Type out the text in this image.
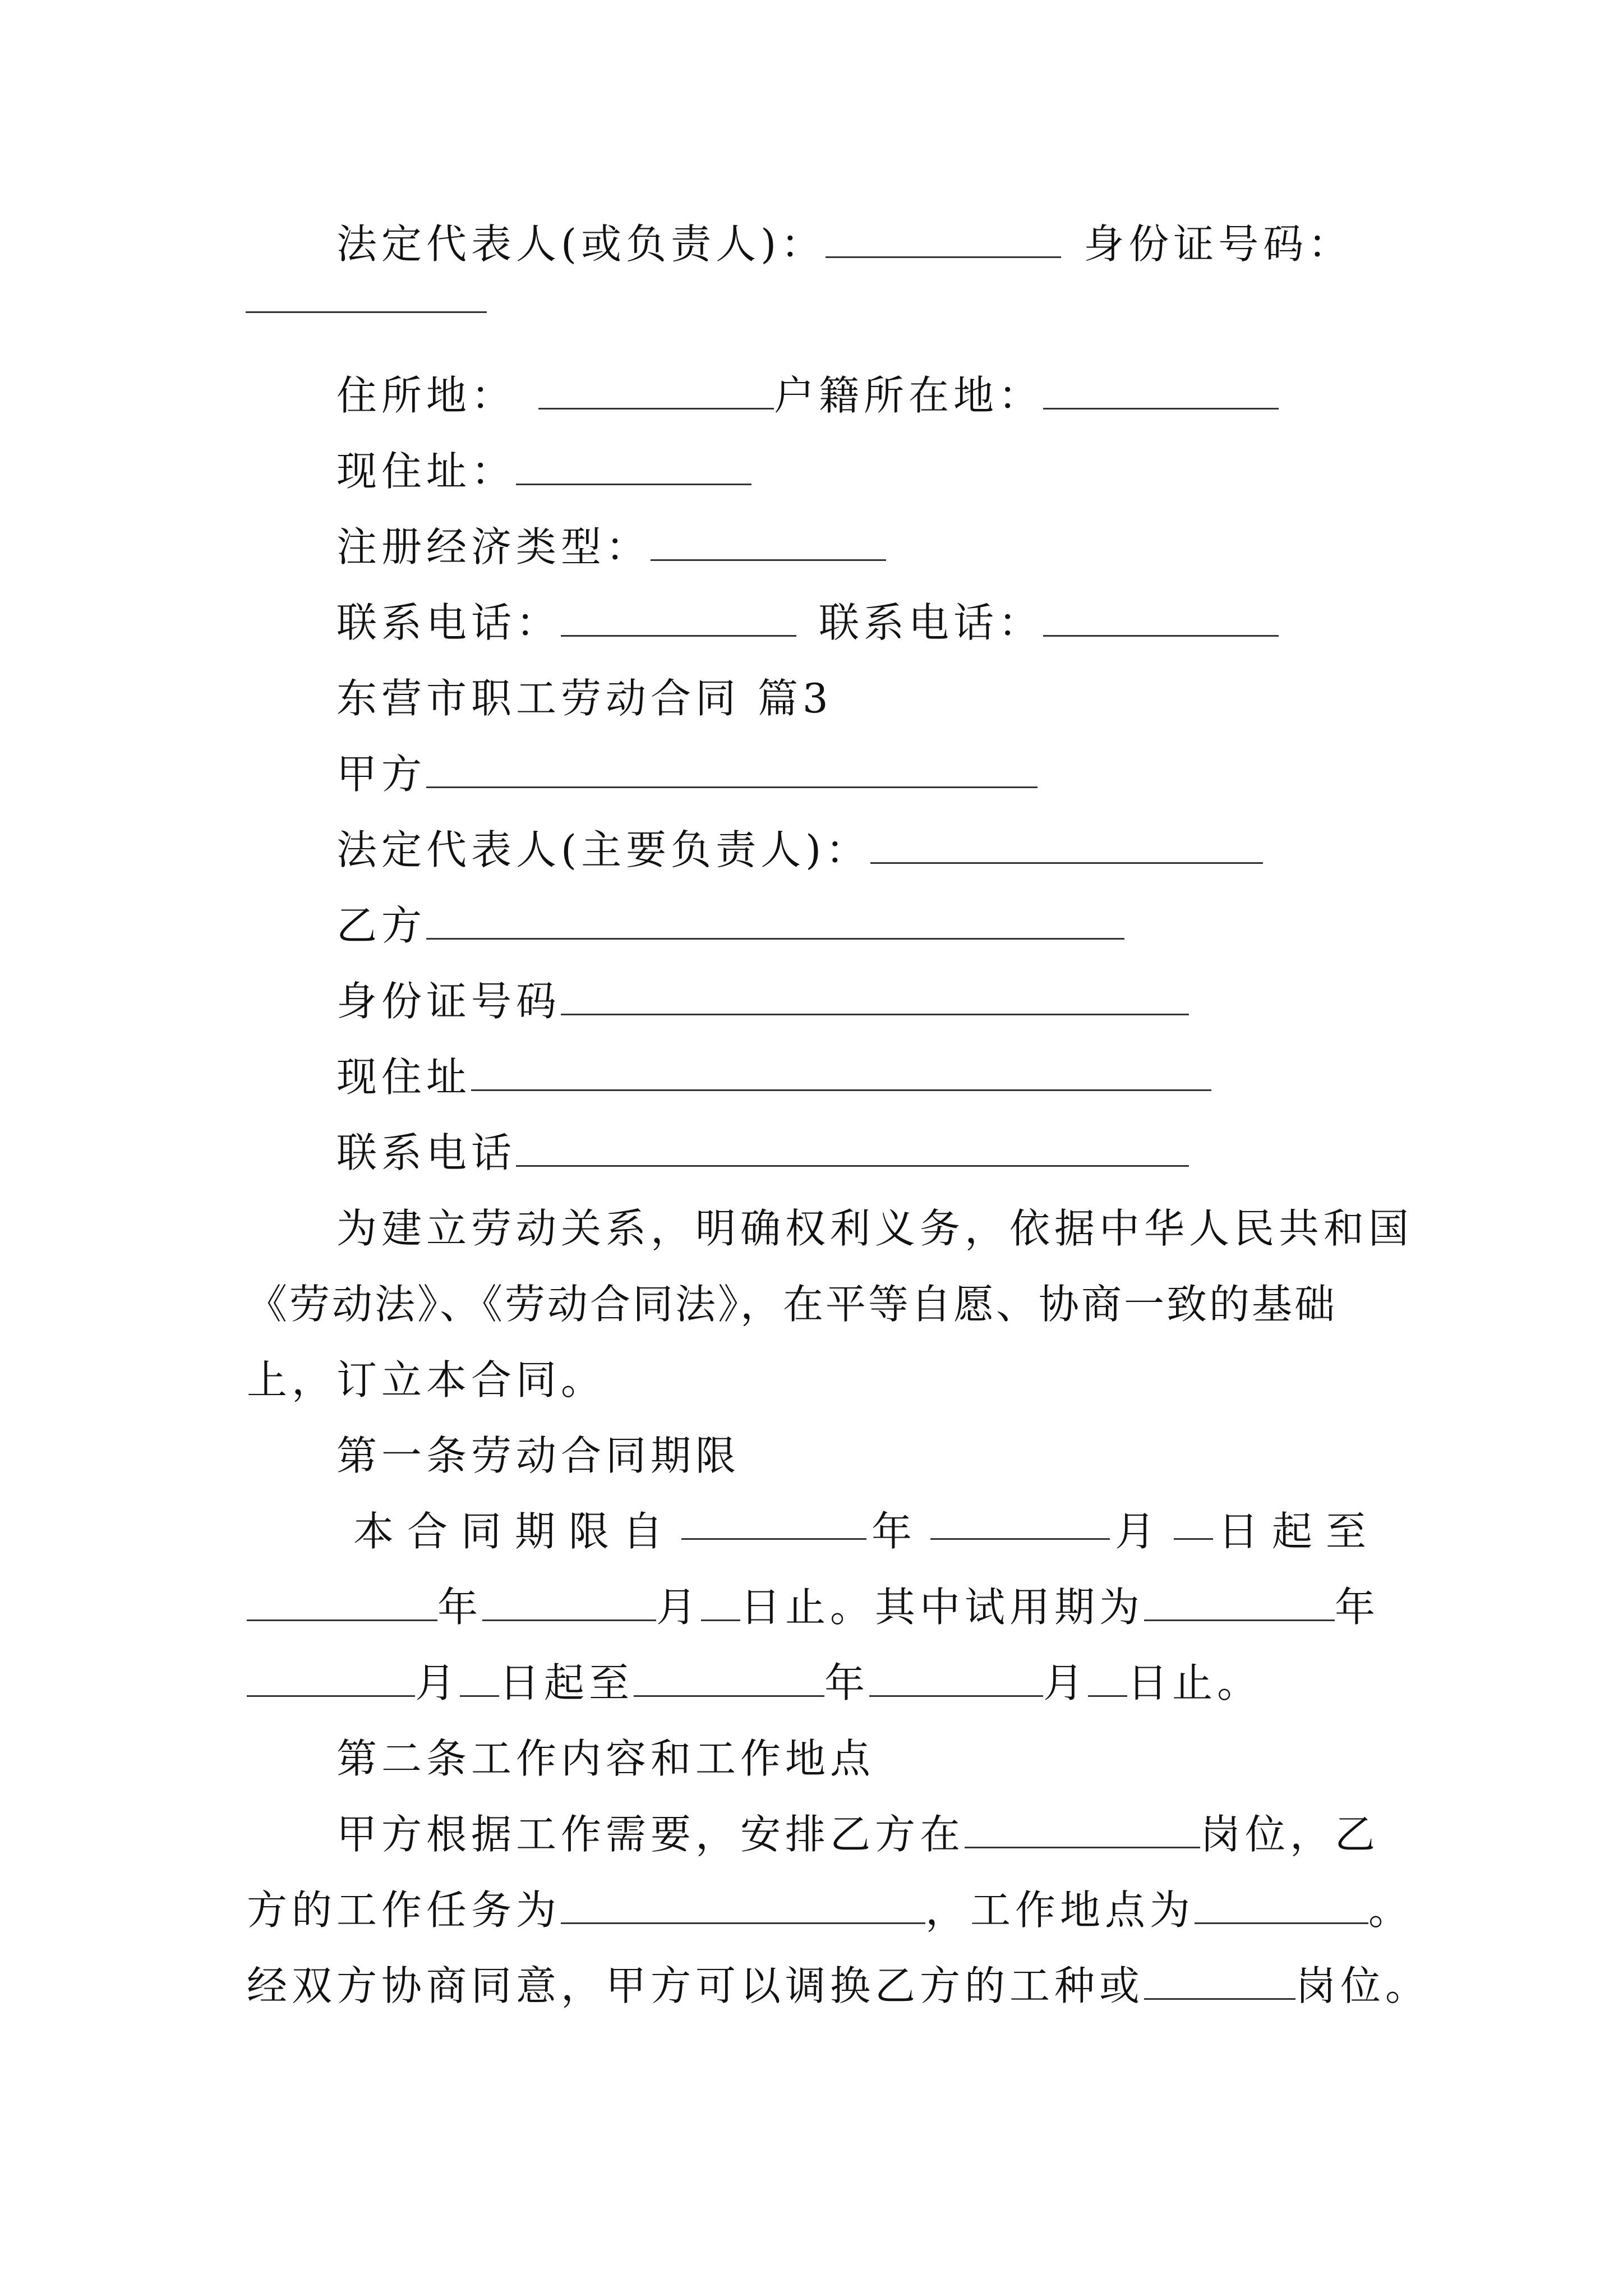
法定代表人(或负责人)：	身份证号码：
住所地：	户籍所在地：
现住址：
注册经济类型：
联系电话：	联系电话：
东营市职工劳动合同 篇3
甲方
法定代表人(主要负责人)：
乙方
身份证号码
现住址
联系电话
为建立劳动关系，明确权利义务，依据中华人民共和国
《劳动法》、《劳动合同法》，在平等自愿、协商一致的基础
上，订立本合同。
第一条劳动合同期限
本合同期限自	年	月 日起至
年	月 日止。其中试用期为	年
月 日起至	年	月 日止。
第二条工作内容和工作地点
甲方根据工作需要，安排乙方在	岗位，乙
方的工作任务为	，工作地点为	。
经双方协商同意，甲方可以调换乙方的工种或	岗位。
